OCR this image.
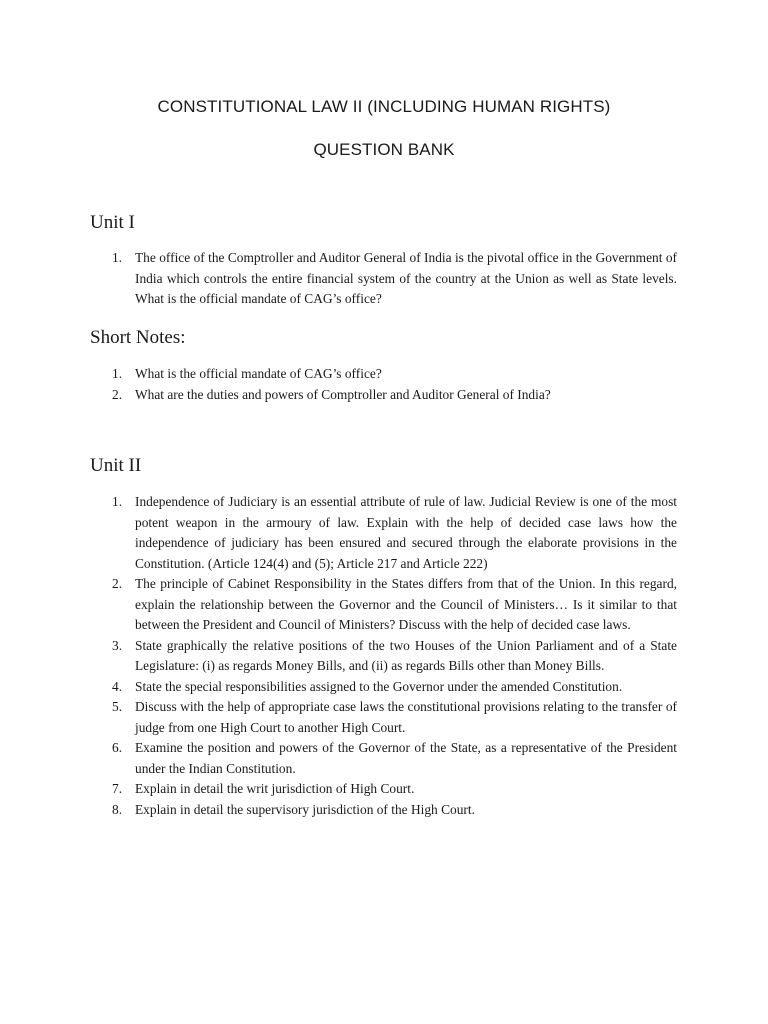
CONSTITUTIONAL LAW II (INCLUDING HUMAN RIGHTS)
QUESTION BANK
Unit I
1. The office of the Comptroller and Auditor General of India is the pivotal office in the Government of India which controls the entire financial system of the country at the Union as well as State levels. What is the official mandate of CAG’s office?
Short Notes:
1. What is the official mandate of CAG’s office?
2. What are the duties and powers of Comptroller and Auditor General of India?
Unit II
1. Independence of Judiciary is an essential attribute of rule of law. Judicial Review is one of the most potent weapon in the armoury of law. Explain with the help of decided case laws how the independence of judiciary has been ensured and secured through the elaborate provisions in the Constitution. (Article 124(4) and (5); Article 217 and Article 222)
2. The principle of Cabinet Responsibility in the States differs from that of the Union. In this regard, explain the relationship between the Governor and the Council of Ministers… Is it similar to that between the President and Council of Ministers? Discuss with the help of decided case laws.
3. State graphically the relative positions of the two Houses of the Union Parliament and of a State Legislature: (i) as regards Money Bills, and (ii) as regards Bills other than Money Bills.
4. State the special responsibilities assigned to the Governor under the amended Constitution.
5. Discuss with the help of appropriate case laws the constitutional provisions relating to the transfer of judge from one High Court to another High Court.
6. Examine the position and powers of the Governor of the State, as a representative of the President under the Indian Constitution.
7. Explain in detail the writ jurisdiction of High Court.
8. Explain in detail the supervisory jurisdiction of the High Court.
